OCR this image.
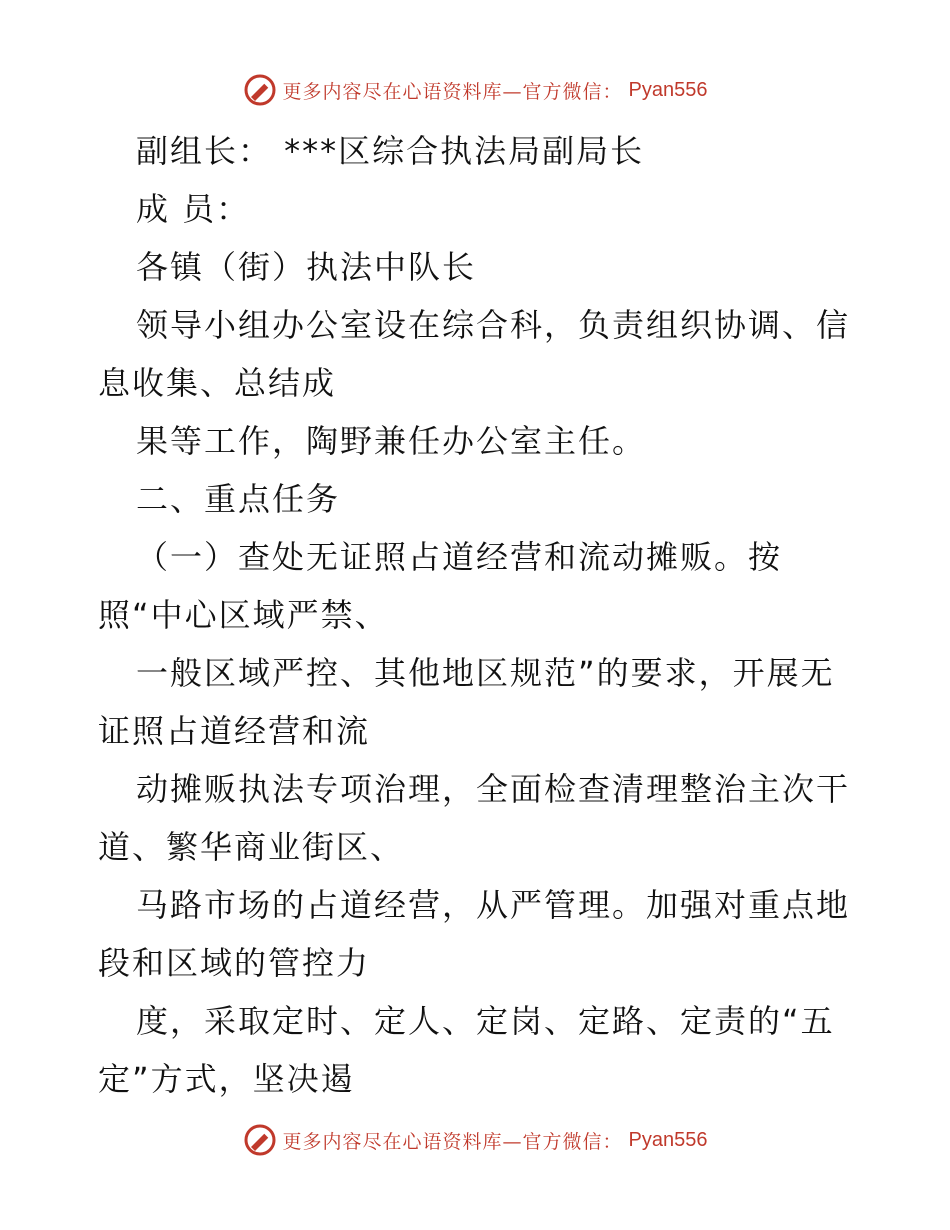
更多内容尽在心语资料库—官方微信： Pyan556
副组长： ***区综合执法局副局长
成 员：
各镇（街）执法中队长
领导小组办公室设在综合科，负责组织协调、信
息收集、总结成
果等工作，陶野兼任办公室主任。
二、重点任务
（一）查处无证照占道经营和流动摊贩。按
照“中心区域严禁、
一般区域严控、其他地区规范”的要求，开展无
证照占道经营和流
动摊贩执法专项治理，全面检查清理整治主次干
道、繁华商业街区、
马路市场的占道经营，从严管理。加强对重点地
段和区域的管控力
度，采取定时、定人、定岗、定路、定责的“五
定”方式，坚决遏
更多内容尽在心语资料库—官方微信： Pyan556
